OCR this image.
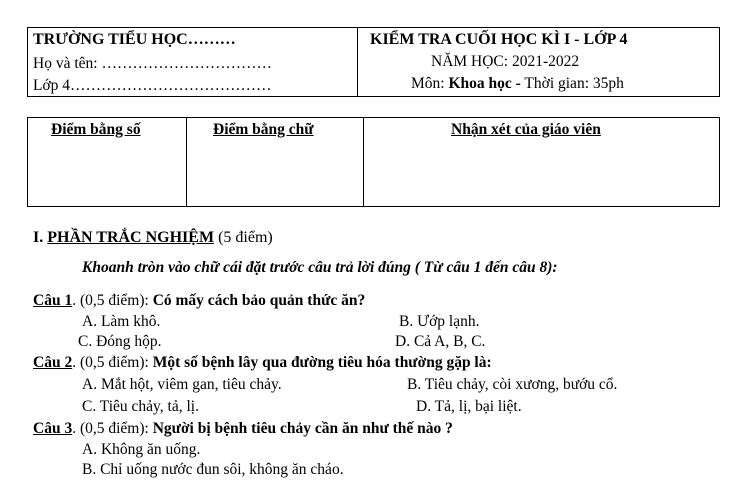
TRƯỜNG TIỂU HỌC………
Họ và tên: ……………………………
Lớp 4…………………………………
KIỂM TRA CUỐI HỌC KÌ I - LỚP 4
NĂM HỌC: 2021-2022
Môn: Khoa học - Thời gian: 35ph

Điểm bằng số	Điểm bằng chữ	Nhận xét của giáo viên
I. PHẦN TRẮC NGHIỆM (5 điểm)
Khoanh tròn vào chữ cái đặt trước câu trả lời đúng ( Từ câu 1 đến câu 8):
Câu 1. (0,5 điểm): Có mấy cách bảo quản thức ăn?
A. Làm khô.	B. Ướp lạnh.
C. Đóng hộp.	D. Cả A, B, C.
Câu 2. (0,5 điểm): Một số bệnh lây qua đường tiêu hóa thường gặp là:
A. Mắt hột, viêm gan, tiêu chảy.	B. Tiêu chảy, còi xương, bướu cổ.
C. Tiêu chảy, tả, lị.	D. Tả, lị, bại liệt.
Câu 3. (0,5 điểm): Người bị bệnh tiêu chảy cần ăn như thế nào ?
A. Không ăn uống.
B. Chỉ uống nước đun sôi, không ăn cháo.
